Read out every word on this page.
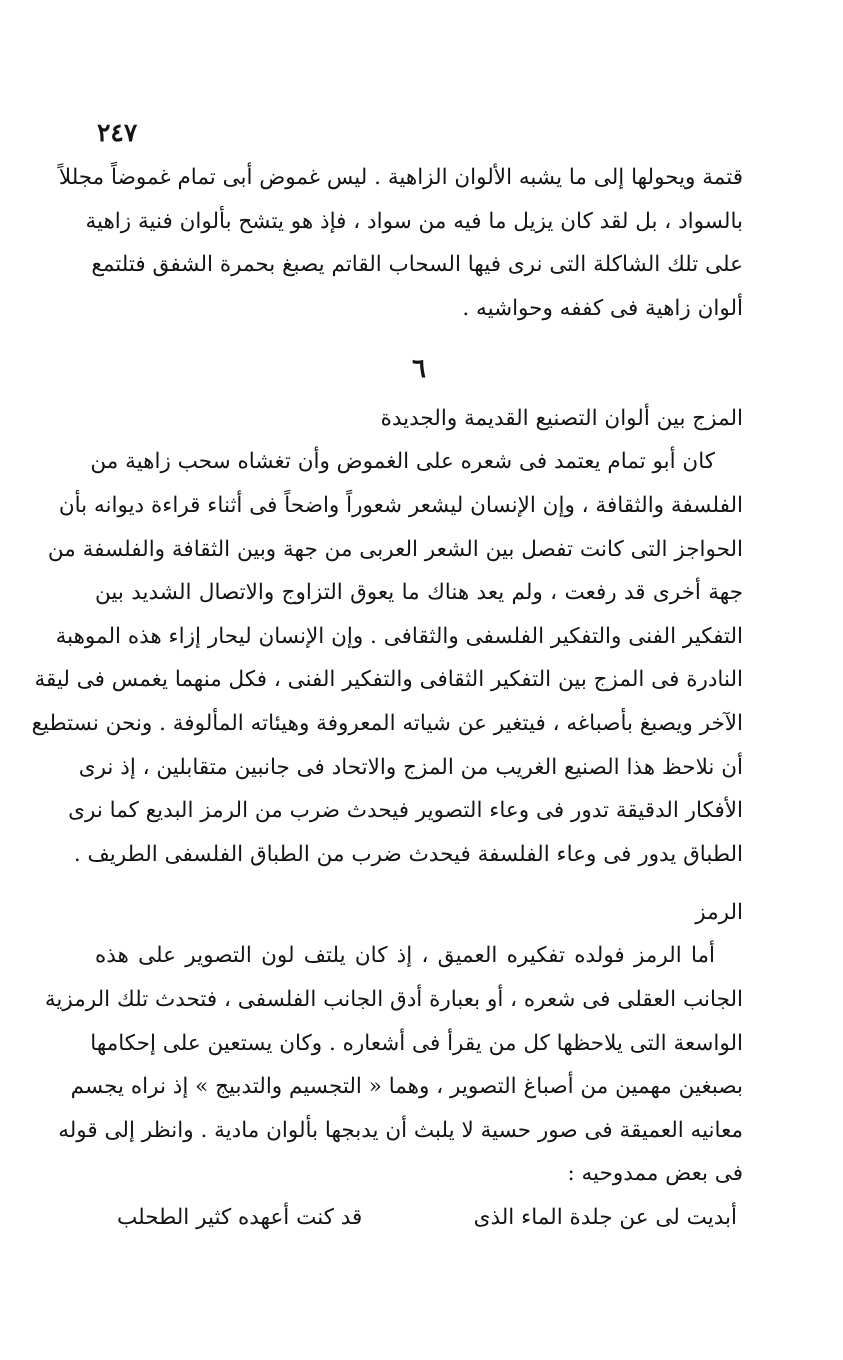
٢٤٧
قتمة ويحولها إلى ما يشبه الألوان الزاهية . ليس غموض أبى تمام غموضاً مجللاً
بالسواد ، بل لقد كان يزيل ما فيه من سواد ، فإذ هو يتشح بألوان فنية زاهية
على تلك الشاكلة التى نرى فيها السحاب القاتم يصبغ بحمرة الشفق فتلتمع
ألوان زاهية فى كففه وحواشيه .
٦
المزج بين ألوان التصنيع القديمة والجديدة
كان أبو تمام يعتمد فى شعره على الغموض وأن تغشاه سحب زاهية من
الفلسفة والثقافة ، وإن الإنسان ليشعر شعوراً واضحاً فى أثناء قراءة ديوانه بأن
الحواجز التى كانت تفصل بين الشعر العربى من جهة وبين الثقافة والفلسفة من
جهة أخرى قد رفعت ، ولم يعد هناك ما يعوق التزاوج والاتصال الشديد بين
التفكير الفنى والتفكير الفلسفى والثقافى . وإن الإنسان ليحار إزاء هذه الموهبة
النادرة فى المزج بين التفكير الثقافى والتفكير الفنى ، فكل منهما يغمس فى ليقة
الآخر ويصبغ بأصباغه ، فيتغير عن شياته المعروفة وهيئاته المألوفة . ونحن نستطيع
أن نلاحظ هذا الصنيع الغريب من المزج والاتحاد فى جانبين متقابلين ، إذ نرى
الأفكار الدقيقة تدور فى وعاء التصوير فيحدث ضرب من الرمز البديع كما نرى
الطباق يدور فى وعاء الفلسفة فيحدث ضرب من الطباق الفلسفى الطريف .
الرمز
أما الرمز فولده تفكيره العميق ، إذ كان يلتف لون التصوير على هذه
الجانب العقلى فى شعره ، أو بعبارة أدق الجانب الفلسفى ، فتحدث تلك الرمزية
الواسعة التى يلاحظها كل من يقرأ فى أشعاره . وكان يستعين على إحكامها
بصبغين مهمين من أصباغ التصوير ، وهما « التجسيم والتدبيج » إذ نراه يجسم
معانيه العميقة فى صور حسية لا يلبث أن يدبجها بألوان مادية . وانظر إلى قوله
فى بعض ممدوحيه :
أبديت لى عن جلدة الماء الذى
قد كنت أعهده كثير الطحلب
